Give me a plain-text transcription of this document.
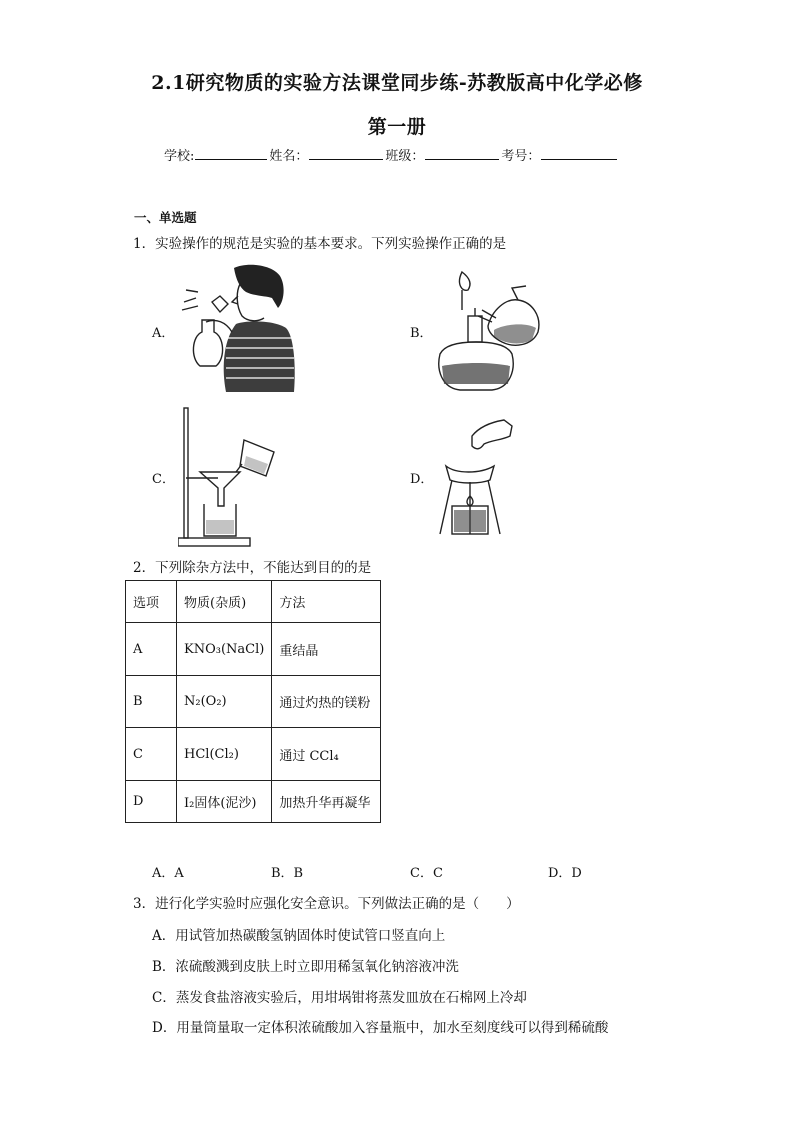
2.1研究物质的实验方法课堂同步练-苏教版高中化学必修
第一册
学校:	姓名：	班级：	考号：
一、单选题
1．实验操作的规范是实验的基本要求。下列实验操作正确的是
A．	B．
C．	D．
2．下列除杂方法中，不能达到目的的是
选项	物质(杂质)	方法
A	KNO₃(NaCl)	重结晶
B	N₂(O₂)	通过灼热的镁粉
C	HCl(Cl₂)	通过 CCl₄
D	I₂固体(泥沙)	加热升华再凝华
A．A	B．B	C．C	D．D
3．进行化学实验时应强化安全意识。下列做法正确的是（　　）
A．用试管加热碳酸氢钠固体时使试管口竖直向上
B．浓硫酸溅到皮肤上时立即用稀氢氧化钠溶液冲洗
C．蒸发食盐溶液实验后，用坩埚钳将蒸发皿放在石棉网上冷却
D．用量筒量取一定体积浓硫酸加入容量瓶中，加水至刻度线可以得到稀硫酸
